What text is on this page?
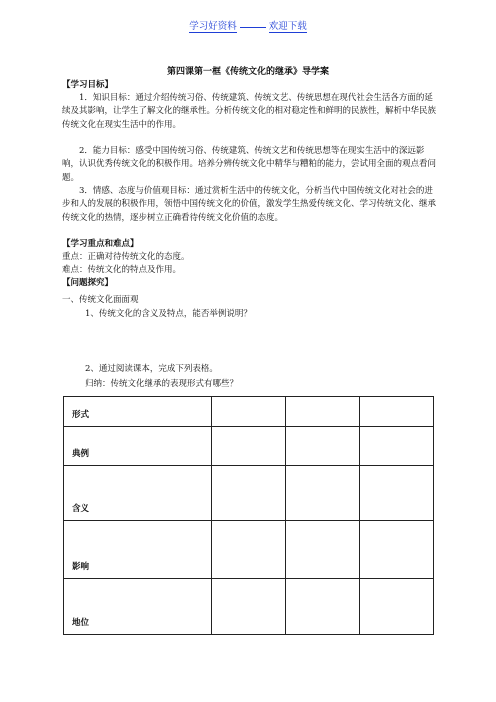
学习好资料	欢迎下载
第四课第一框《传统文化的继承》导学案
【学习目标】
1．知识目标：通过介绍传统习俗、传统建筑、传统文艺、传统思想在现代社会生活各方面的延续及其影响，让学生了解文化的继承性。分析传统文化的相对稳定性和鲜明的民族性，解析中华民族传统文化在现实生活中的作用。
2．能力目标：感受中国传统习俗、传统建筑、传统文艺和传统思想等在现实生活中的深远影响，认识优秀传统文化的积极作用。培养分辨传统文化中精华与糟粕的能力，尝试用全面的观点看问题。
3．情感、态度与价值观目标：通过赏析生活中的传统文化，分析当代中国传统文化对社会的进步和人的发展的积极作用，领悟中国传统文化的价值，激发学生热爱传统文化、学习传统文化、继承传统文化的热情，逐步树立正确看待传统文化价值的态度。
【学习重点和难点】
重点：正确对待传统文化的态度。
难点：传统文化的特点及作用。
【问题探究】
一、传统文化面面观
1、传统文化的含义及特点，能否举例说明？
2、通过阅读课本，完成下列表格。
归纳：传统文化继承的表现形式有哪些？
形式			
典例			
含义			
影响			
地位			
